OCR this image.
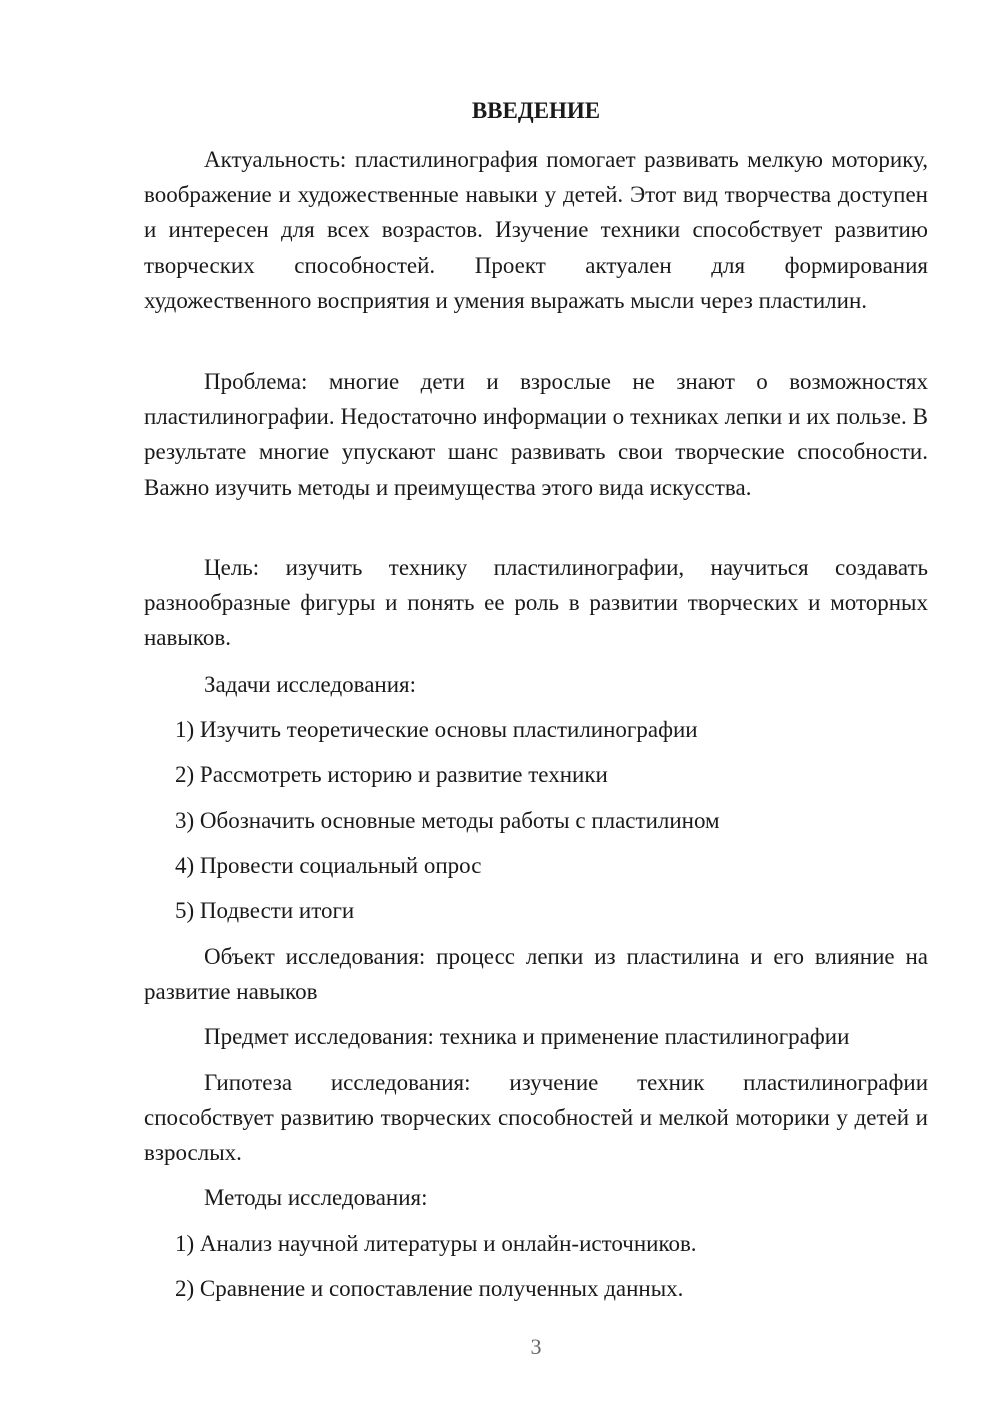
ВВЕДЕНИЕ

Актуальность: пластилинография помогает развивать мелкую моторику, воображение и художественные навыки у детей. Этот вид творчества доступен и интересен для всех возрастов. Изучение техники способствует развитию творческих способностей. Проект актуален для формирования художественного восприятия и умения выражать мысли через пластилин.

Проблема: многие дети и взрослые не знают о возможностях пластилинографии. Недостаточно информации о техниках лепки и их пользе. В результате многие упускают шанс развивать свои творческие способности. Важно изучить методы и преимущества этого вида искусства.

Цель: изучить технику пластилинографии, научиться создавать разнообразные фигуры и понять ее роль в развитии творческих и моторных навыков.

Задачи исследования:

1) Изучить теоретические основы пластилинографии

2) Рассмотреть историю и развитие техники

3) Обозначить основные методы работы с пластилином

4) Провести социальный опрос

5) Подвести итоги

Объект исследования: процесс лепки из пластилина и его влияние на развитие навыков

Предмет исследования: техника и применение пластилинографии

Гипотеза исследования: изучение техник пластилинографии способствует развитию творческих способностей и мелкой моторики у детей и взрослых.

Методы исследования:

1) Анализ научной литературы и онлайн-источников.

2) Сравнение и сопоставление полученных данных.

3
